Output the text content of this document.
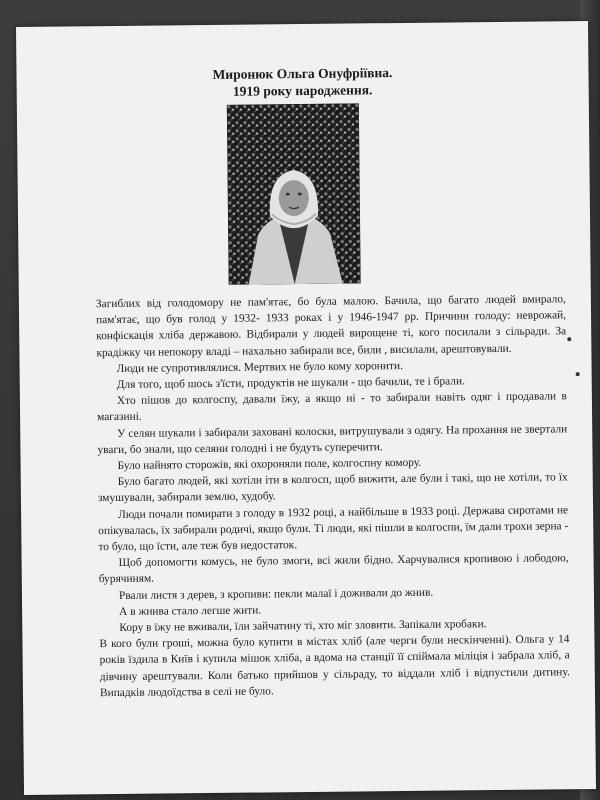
Миронюк Ольга Онуфріївна.

1919 року народження.

Загиблих від голодомору не пам'ятає, бо була малою. Бачила, що багато людей вмирало, пам'ятає, що був голод у 1932- 1933 роках і у 1946-1947 рр. Причини голоду: неврожай, конфіскація хліба державою. Відбирали у людей вирощене ті, кого посилали з сільради. За крадіжку чи непокору владі – нахально забирали все, били , висилали, арештовували.

Люди не супротивлялися. Мертвих не було кому хоронити.

Для того, щоб шось з'їсти, продуктів не шукали - що бачили, те і брали.

Хто пішов до колгоспу, давали їжу, а якщо ні - то забирали навіть одяг і продавали в магазині.

У селян шукали і забирали заховані колоски, витрушували з одягу. На прохання не звертали уваги, бо знали, що селяни голодні і не будуть суперечити.

Було найнято сторожів, які охороняли поле, колгоспну комору.

Було багато людей, які хотіли іти в колгосп, щоб вижити, але були і такі, що не хотіли, то їх змушували, забирали землю, худобу.

Люди почали помирати з голоду в 1932 році, а найбільше в 1933 році. Держава сиротами не опікувалась, їх забирали родичі, якщо були. Ті люди, які пішли в колгоспи, їм дали трохи зерна - то було, що їсти, але теж був недостаток.

Щоб допомогти комусь, не було змоги, всі жили бідно. Харчувалися кропивою і лободою, бурячиням.

Рвали листя з дерев, з кропиви: пекли малаї і доживали до жнив.

А в жнива стало легше жити.

Кору в їжу не вживали, їли зайчатину ті, хто міг зловити. Запікали хробаки.

В кого були гроші, можна було купити в містах хліб (але черги були нескінченні). Ольга у 14 років їздила в Київ і купила мішок хліба, а вдома на станції її спіймала міліція і забрала хліб, а дівчину арештували. Коли батько прийшов у сільраду, то віддали хліб і відпустили дитину. Випадків людоїдства в селі не було.
